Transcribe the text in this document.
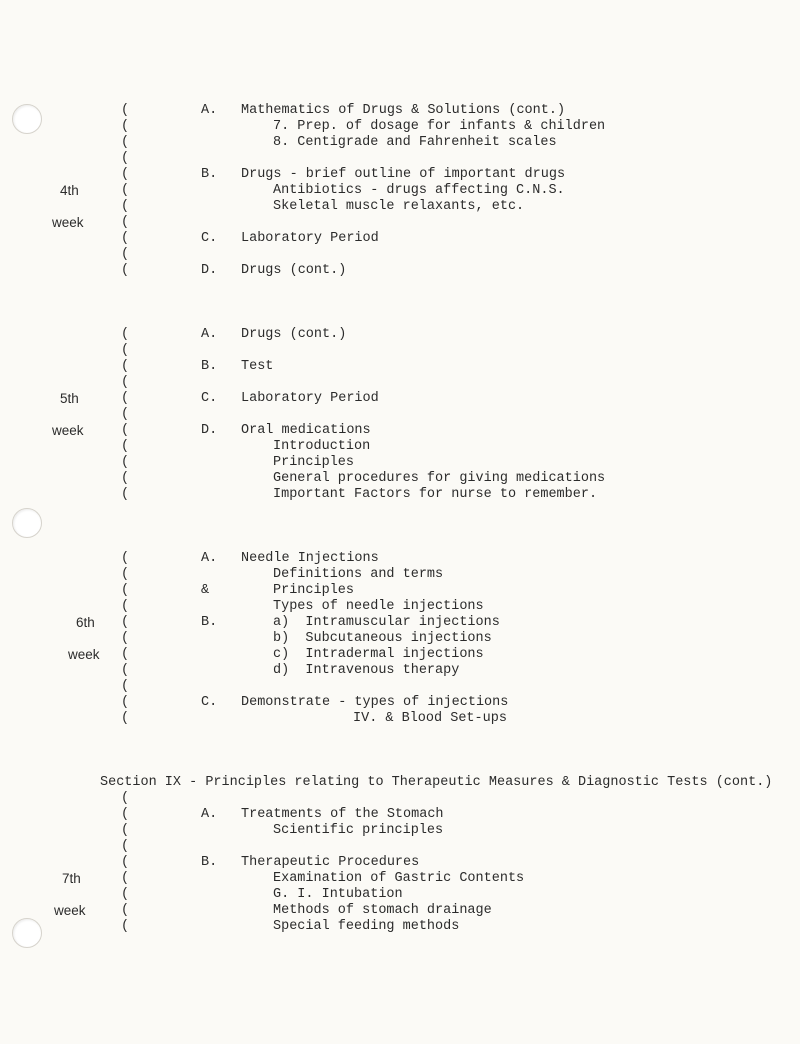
(
(
(
(
(
(
(
(
(
(
(
4th
week
A. Mathematics of Drugs & Solutions (cont.)
7. Prep. of dosage for infants & children
8. Centigrade and Fahrenheit scales
B. Drugs - brief outline of important drugs
Antibiotics - drugs affecting C.N.S.
Skeletal muscle relaxants, etc.
C. Laboratory Period
D. Drugs (cont.)
(
(
(
(
(
(
(
(
(
(
(
5th
week
A. Drugs (cont.)
B. Test
C. Laboratory Period
D. Oral medications
Introduction
Principles
General procedures for giving medications
Important Factors for nurse to remember.
(
(
(
(
(
(
(
(
(
(
(
6th
week
A. Needle Injections
Definitions and terms
&	Principles
Types of needle injections
B.	a)  Intramuscular injections
b)  Subcutaneous injections
c)  Intradermal injections
d)  Intravenous therapy
C. Demonstrate - types of injections
IV. & Blood Set-ups
Section IX - Principles relating to Therapeutic Measures & Diagnostic Tests (cont.)
(
(
(
(
(
(
(
(
(
7th
week
A. Treatments of the Stomach
Scientific principles
B. Therapeutic Procedures
Examination of Gastric Contents
G. I. Intubation
Methods of stomach drainage
Special feeding methods
